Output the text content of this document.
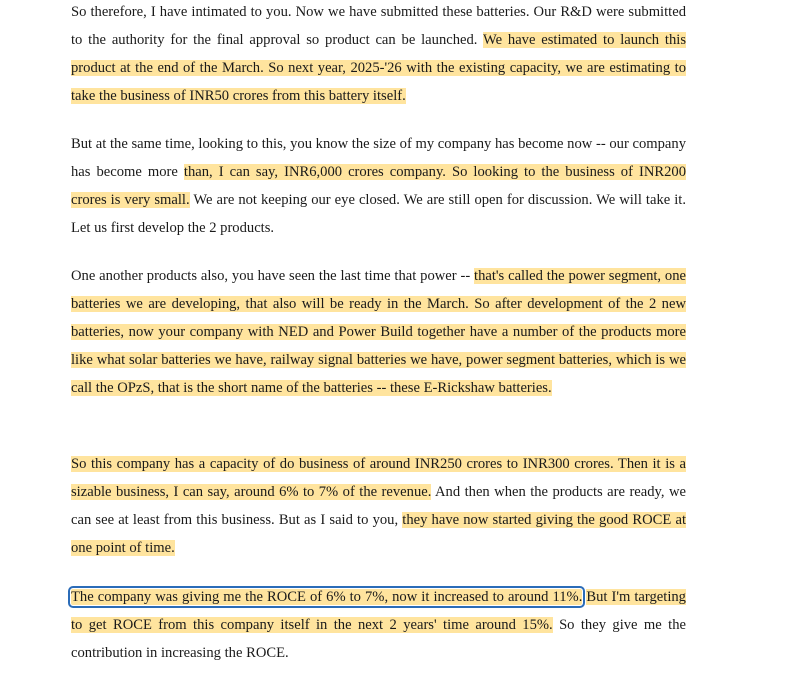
So therefore, I have intimated to you. Now we have submitted these batteries. Our R&D were submitted to the authority for the final approval so product can be launched. We have estimated to launch this product at the end of the March. So next year, 2025-'26 with the existing capacity, we are estimating to take the business of INR50 crores from this battery itself.

But at the same time, looking to this, you know the size of my company has become now -- our company has become more than, I can say, INR6,000 crores company. So looking to the business of INR200 crores is very small. We are not keeping our eye closed. We are still open for discussion. We will take it. Let us first develop the 2 products.

One another products also, you have seen the last time that power -- that's called the power segment, one batteries we are developing, that also will be ready in the March. So after development of the 2 new batteries, now your company with NED and Power Build together have a number of the products more like what solar batteries we have, railway signal batteries we have, power segment batteries, which is we call the OPzS, that is the short name of the batteries -- these E-Rickshaw batteries.

So this company has a capacity of do business of around INR250 crores to INR300 crores. Then it is a sizable business, I can say, around 6% to 7% of the revenue. And then when the products are ready, we can see at least from this business. But as I said to you, they have now started giving the good ROCE at one point of time.

The company was giving me the ROCE of 6% to 7%, now it increased to around 11%. But I'm targeting to get ROCE from this company itself in the next 2 years' time around 15%. So they give me the contribution in increasing the ROCE.
